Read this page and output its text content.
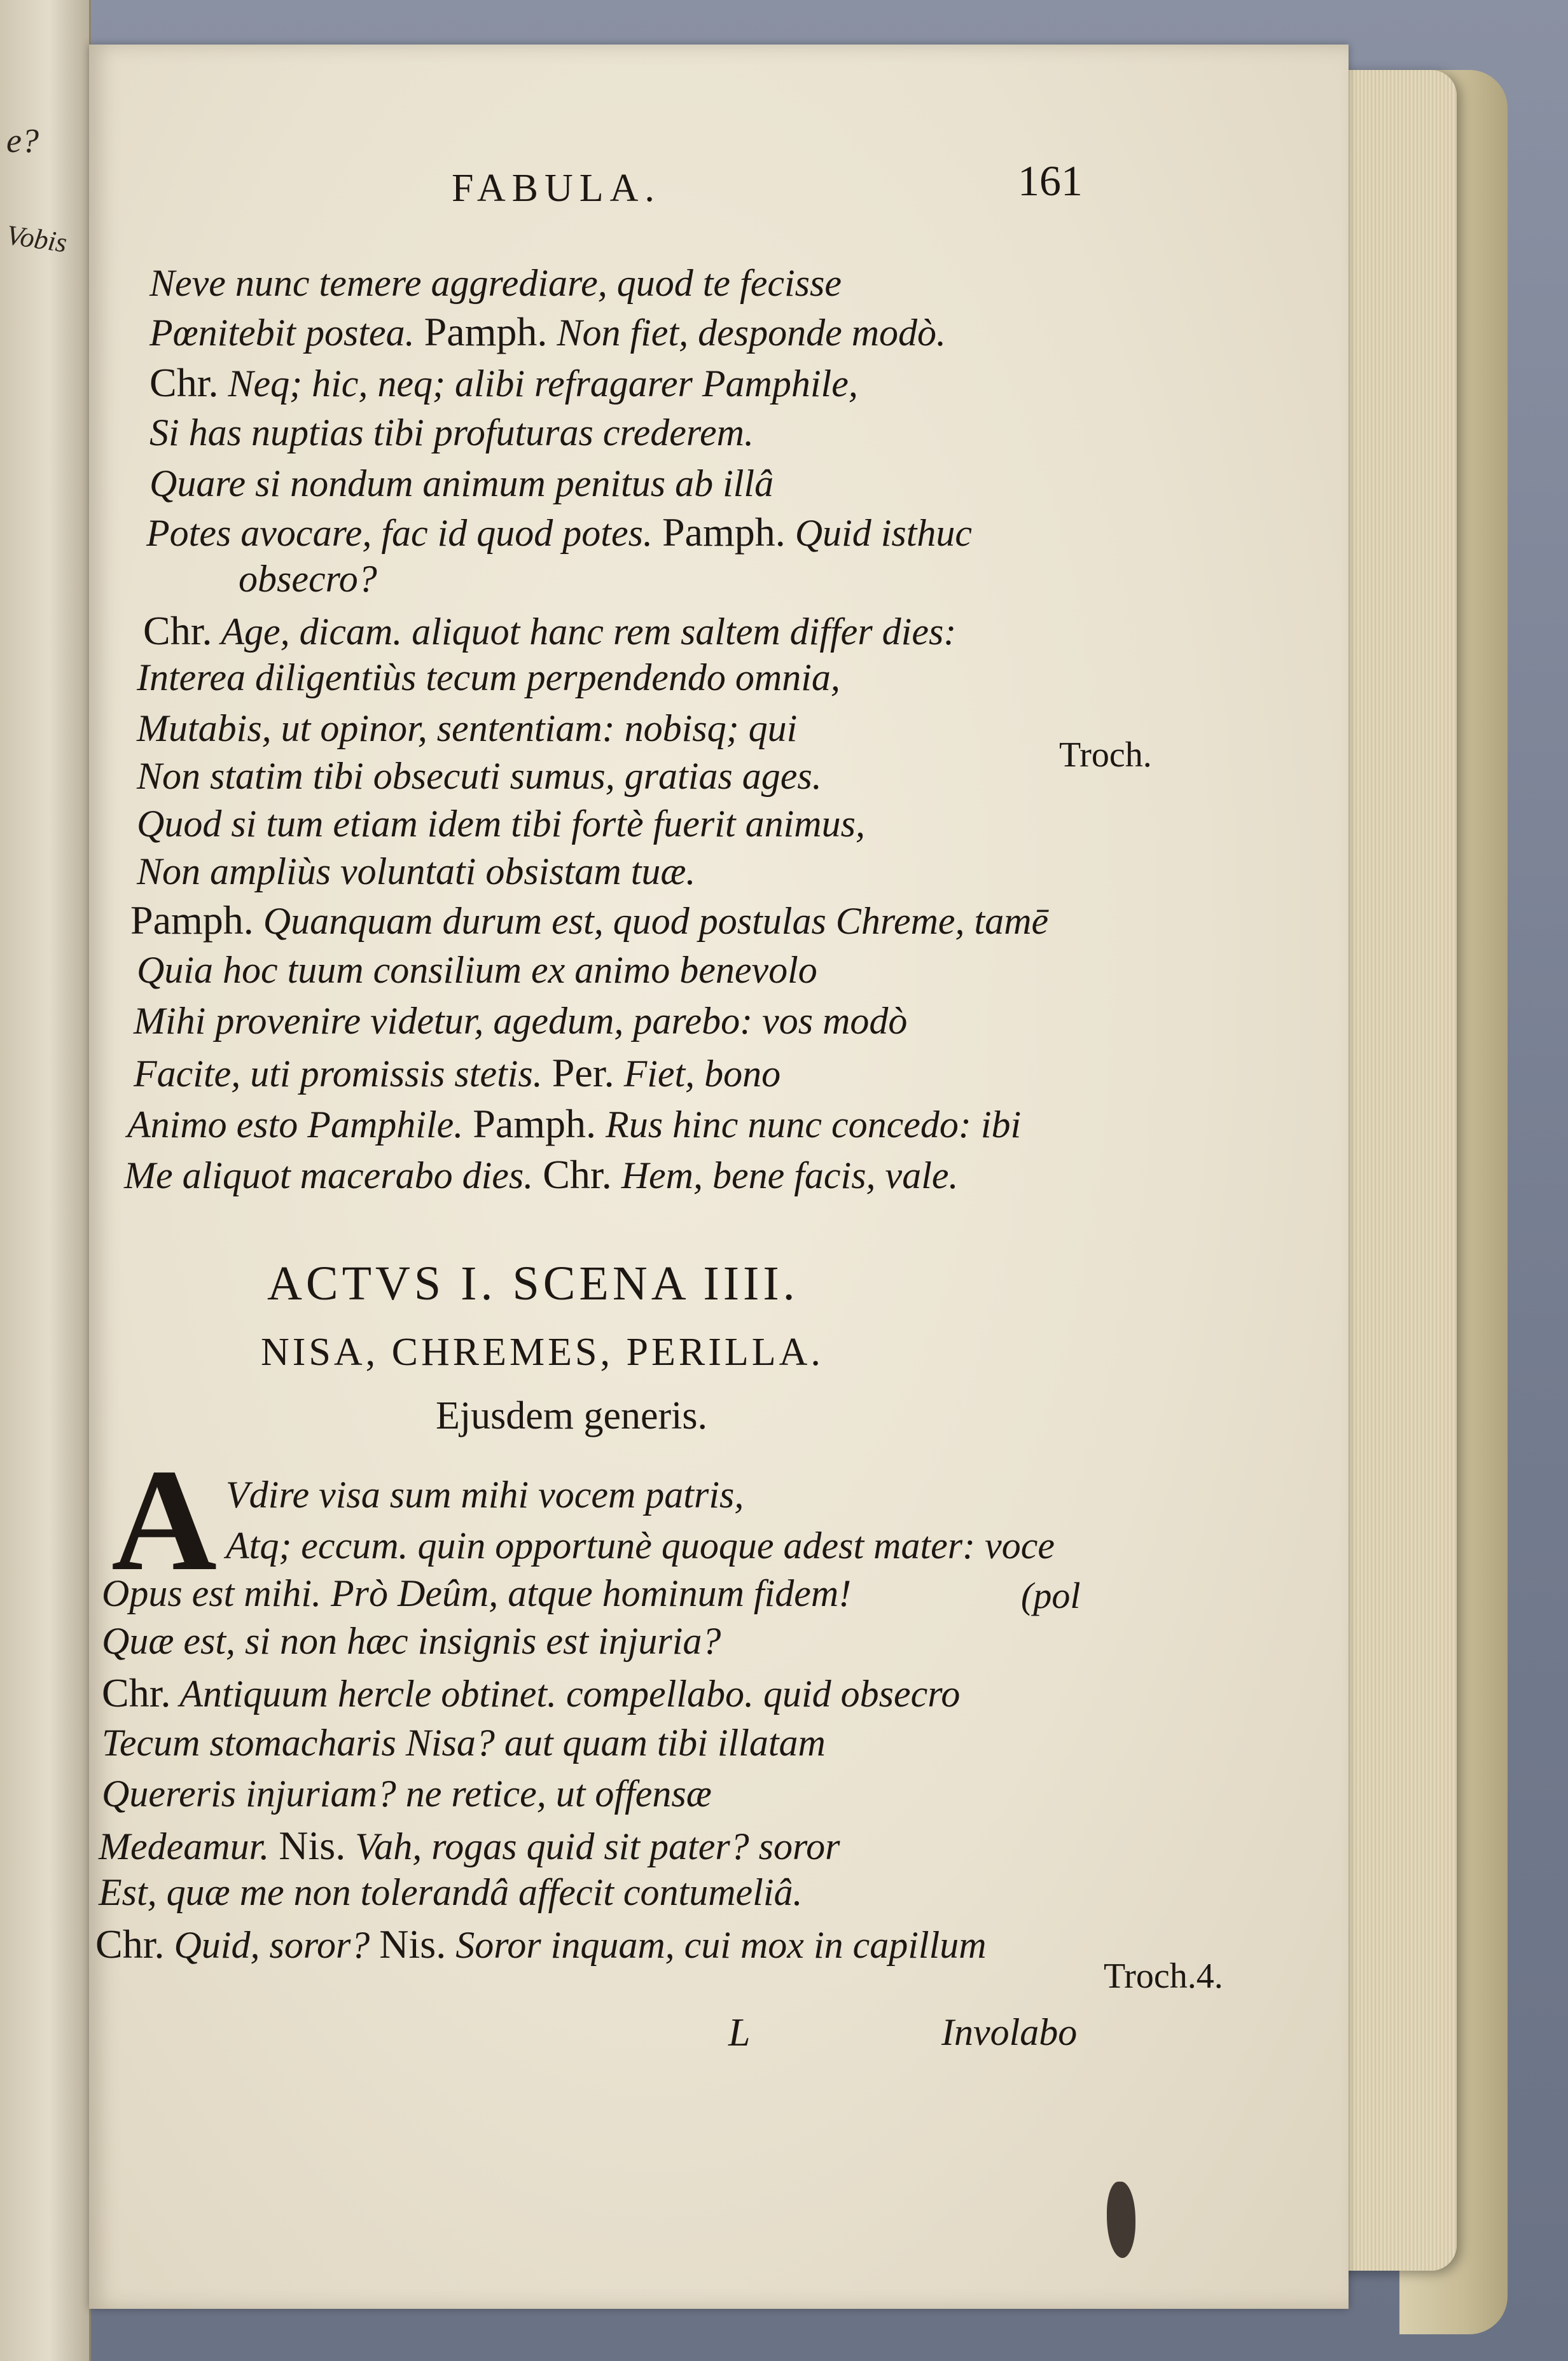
e?
Vobis
FABULA.	161
Neve nunc temere aggrediare, quod te fecisse
Pœnitebit postea. Pamph. Non fiet, desponde modò.
Chr. Neq; hic, neq; alibi refragarer Pamphile,
Si has nuptias tibi profuturas crederem.
Quare si nondum animum penitus ab illâ
Potes avocare, fac id quod potes. Pamph. Quid isthuc
obsecro?
Chr. Age, dicam. aliquot hanc rem saltem differ dies:
Interea diligentiùs tecum perpendendo omnia,
Mutabis, ut opinor, sententiam: nobisq; qui
Non statim tibi obsecuti sumus, gratias ages.
Quod si tum etiam idem tibi fortè fuerit animus,
Non ampliùs voluntati obsistam tuæ.
Pamph. Quanquam durum est, quod postulas Chreme, tamē
Quia hoc tuum consilium ex animo benevolo
Mihi provenire videtur, agedum, parebo: vos modò
Facite, uti promissis stetis. Per. Fiet, bono
Animo esto Pamphile. Pamph. Rus hinc nunc concedo: ibi
Me aliquot macerabo dies. Chr. Hem, bene facis, vale.
ACTVS I. SCENA IIII.
NISA, CHREMES, PERILLA.
Ejusdem generis.
A Vdire visa sum mihi vocem patris,
Atq; eccum. quin opportunè quoque adest mater: voce
Opus est mihi. Prò Deûm, atque hominum fidem!
Quæ est, si non hæc insignis est injuria?
Chr. Antiquum hercle obtinet. compellabo. quid obsecro
Tecum stomacharis Nisa? aut quam tibi illatam
Quereris injuriam? ne retice, ut offensæ
Medeamur. Nis. Vah, rogas quid sit pater? soror
Est, quæ me non tolerandâ affecit contumeliâ.
Chr. Quid, soror? Nis. Soror inquam, cui mox in capillum
Troch.
(pol
Troch.4.
L	Involabo
